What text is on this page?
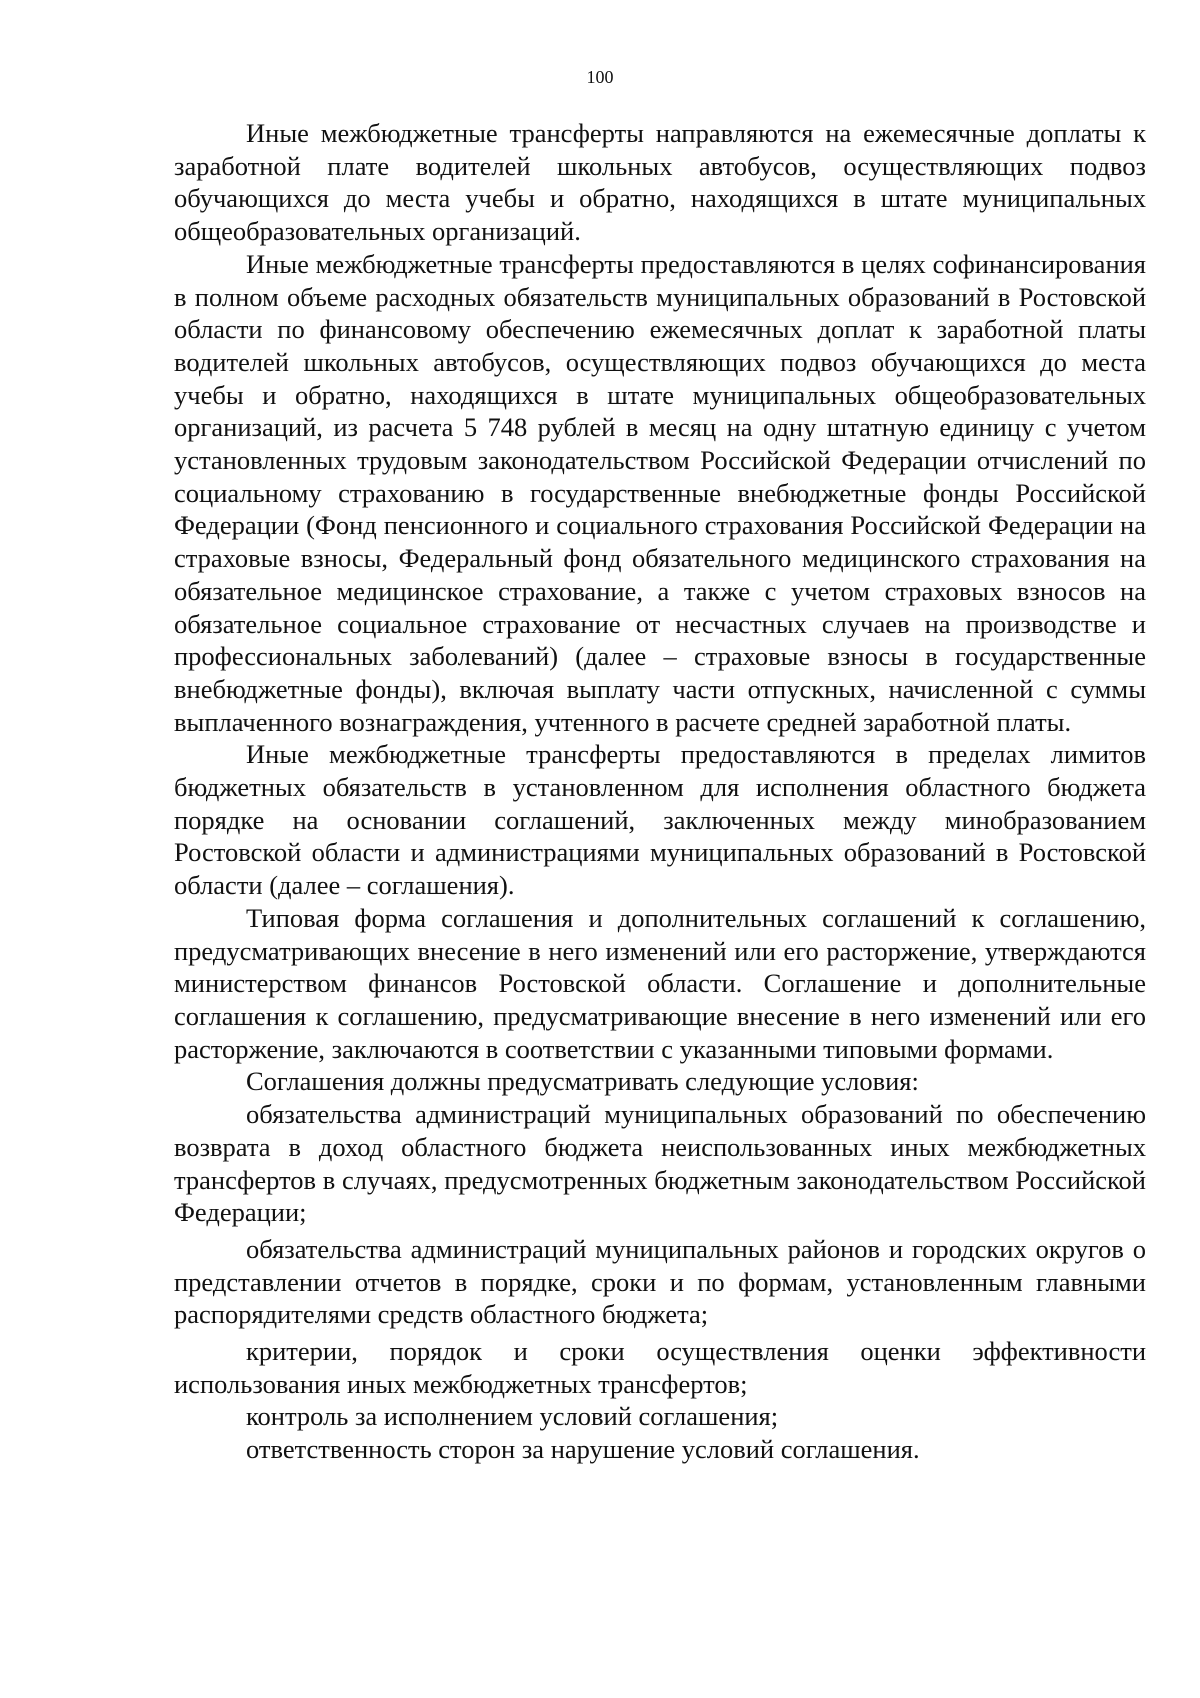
100

Иные межбюджетные трансферты направляются на ежемесячные доплаты к заработной плате водителей школьных автобусов, осуществляющих подвоз обучающихся до места учебы и обратно, находящихся в штате муниципальных общеобразовательных организаций.

Иные межбюджетные трансферты предоставляются в целях софинансирования в полном объеме расходных обязательств муниципальных образований в Ростовской области по финансовому обеспечению ежемесячных доплат к заработной платы водителей школьных автобусов, осуществляющих подвоз обучающихся до места учебы и обратно, находящихся в штате муниципальных общеобразовательных организаций, из расчета 5 748 рублей в месяц на одну штатную единицу с учетом установленных трудовым законодательством Российской Федерации отчислений по социальному страхованию в государственные внебюджетные фонды Российской Федерации (Фонд пенсионного и социального страхования Российской Федерации на страховые взносы, Федеральный фонд обязательного медицинского страхования на обязательное медицинское страхование, а также с учетом страховых взносов на обязательное социальное страхование от несчастных случаев на производстве и профессиональных заболеваний) (далее – страховые взносы в государственные внебюджетные фонды), включая выплату части отпускных, начисленной с суммы выплаченного вознаграждения, учтенного в расчете средней заработной платы.

Иные межбюджетные трансферты предоставляются в пределах лимитов бюджетных обязательств в установленном для исполнения областного бюджета порядке на основании соглашений, заключенных между минобразованием Ростовской области и администрациями муниципальных образований в Ростовской области (далее – соглашения).

Типовая форма соглашения и дополнительных соглашений к соглашению, предусматривающих внесение в него изменений или его расторжение, утверждаются министерством финансов Ростовской области. Соглашение и дополнительные соглашения к соглашению, предусматривающие внесение в него изменений или его расторжение, заключаются в соответствии с указанными типовыми формами.

Соглашения должны предусматривать следующие условия:

обязательства администраций муниципальных образований по обеспечению возврата в доход областного бюджета неиспользованных иных межбюджетных трансфертов в случаях, предусмотренных бюджетным законодательством Российской Федерации;

обязательства администраций муниципальных районов и городских округов о представлении отчетов в порядке, сроки и по формам, установленным главными распорядителями средств областного бюджета;

критерии, порядок и сроки осуществления оценки эффективности использования иных межбюджетных трансфертов;

контроль за исполнением условий соглашения;

ответственность сторон за нарушение условий соглашения.
